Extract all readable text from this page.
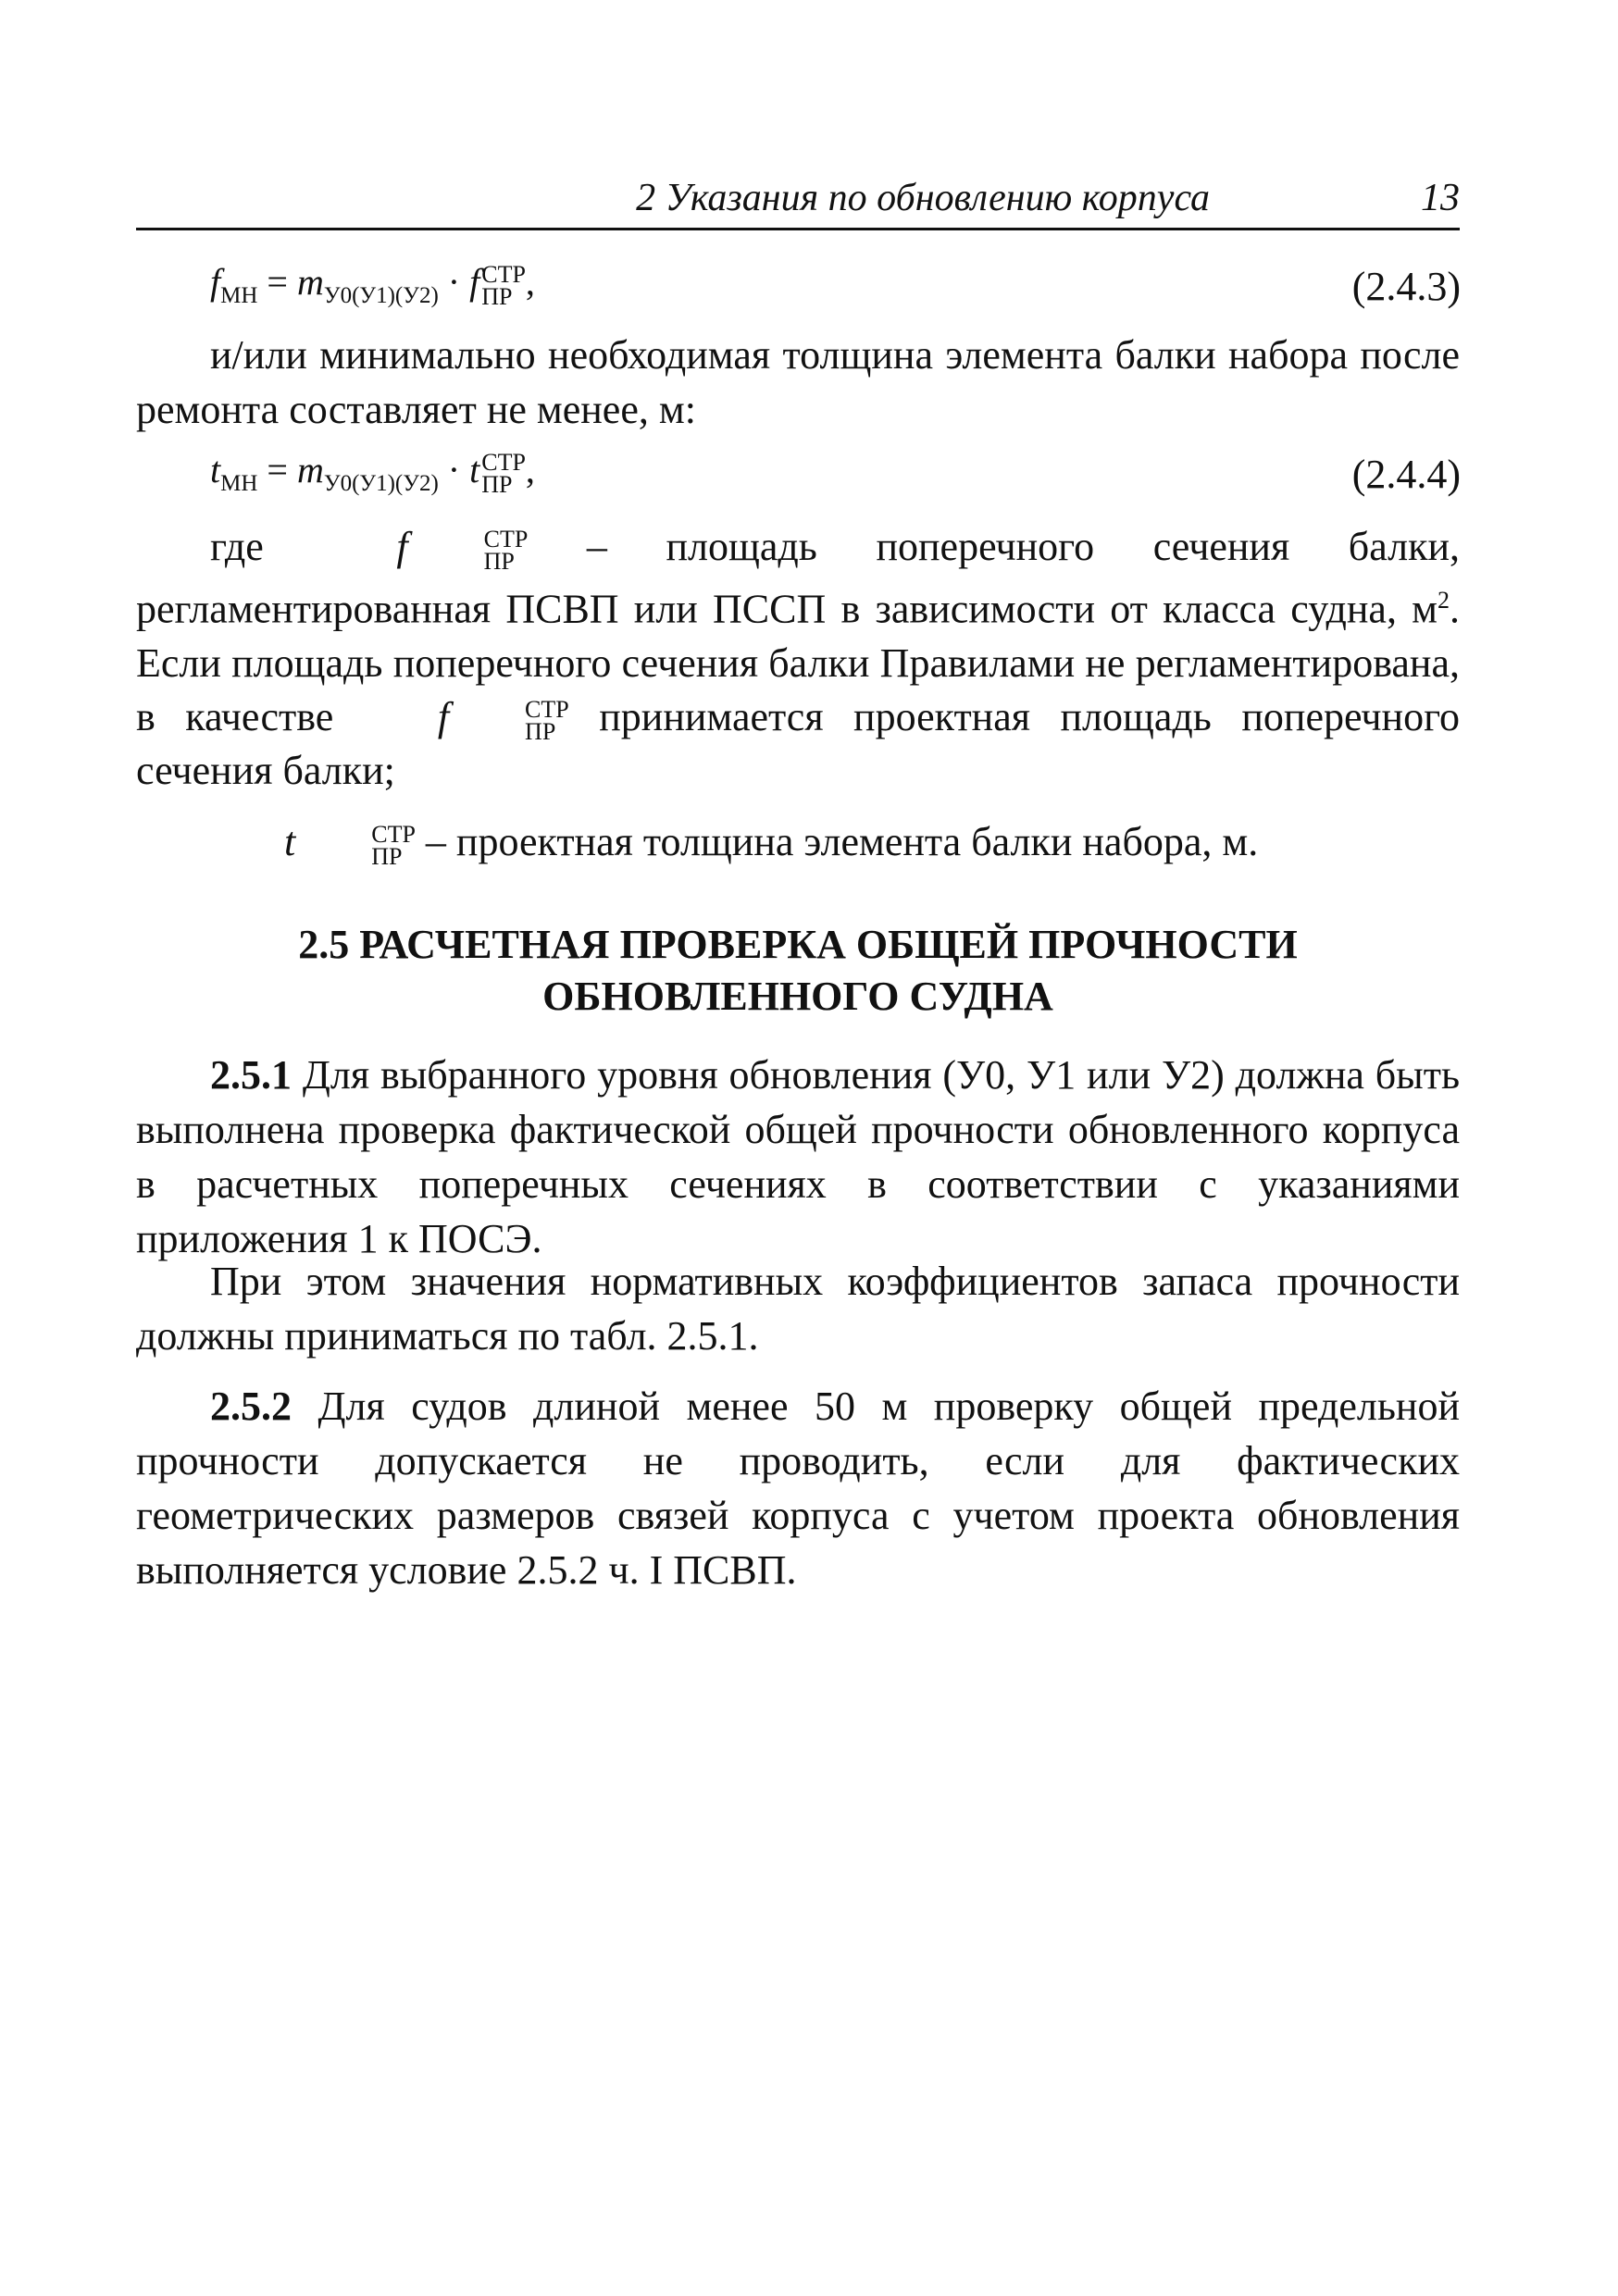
2 Указания по обновлению корпуса	13
$f_{МН} = m_{У0(У1)(У2)} \cdot f$ СТР
ПР ,	(2.4.3)
и/или минимально необходимая толщина элемента балки набора после ремонта составляет не менее, м:
$t_{МН} = m_{У0(У1)(У2)} \cdot t$ СТР
ПР ,	(2.4.4)
где	f	СТР
ПР	– площадь поперечного сечения балки, регламентированная ПСВП или ПССП в зависимости от класса судна, $м^2$. Если площадь поперечного сечения балки Правилами не регламентирована, в качестве	f	СТР
ПР	принимается проектная площадь поперечного сечения балки;
t	СТР
ПР – проектная толщина элемента балки набора, м.
2.5 РАСЧЕТНАЯ ПРОВЕРКА ОБЩЕЙ ПРОЧНОСТИ
ОБНОВЛЕННОГО СУДНА
2.5.1 Для выбранного уровня обновления (У0, У1 или У2) должна быть выполнена проверка фактической общей прочности обновленного корпуса в расчетных поперечных сечениях в соответствии с указаниями приложения 1 к ПОСЭ.
При этом значения нормативных коэффициентов запаса прочности должны приниматься по табл. 2.5.1.
2.5.2 Для судов длиной менее 50 м проверку общей предельной прочности допускается не проводить, если для фактических геометрических размеров связей корпуса с учетом проекта обновления выполняется условие 2.5.2 ч. I ПСВП.
